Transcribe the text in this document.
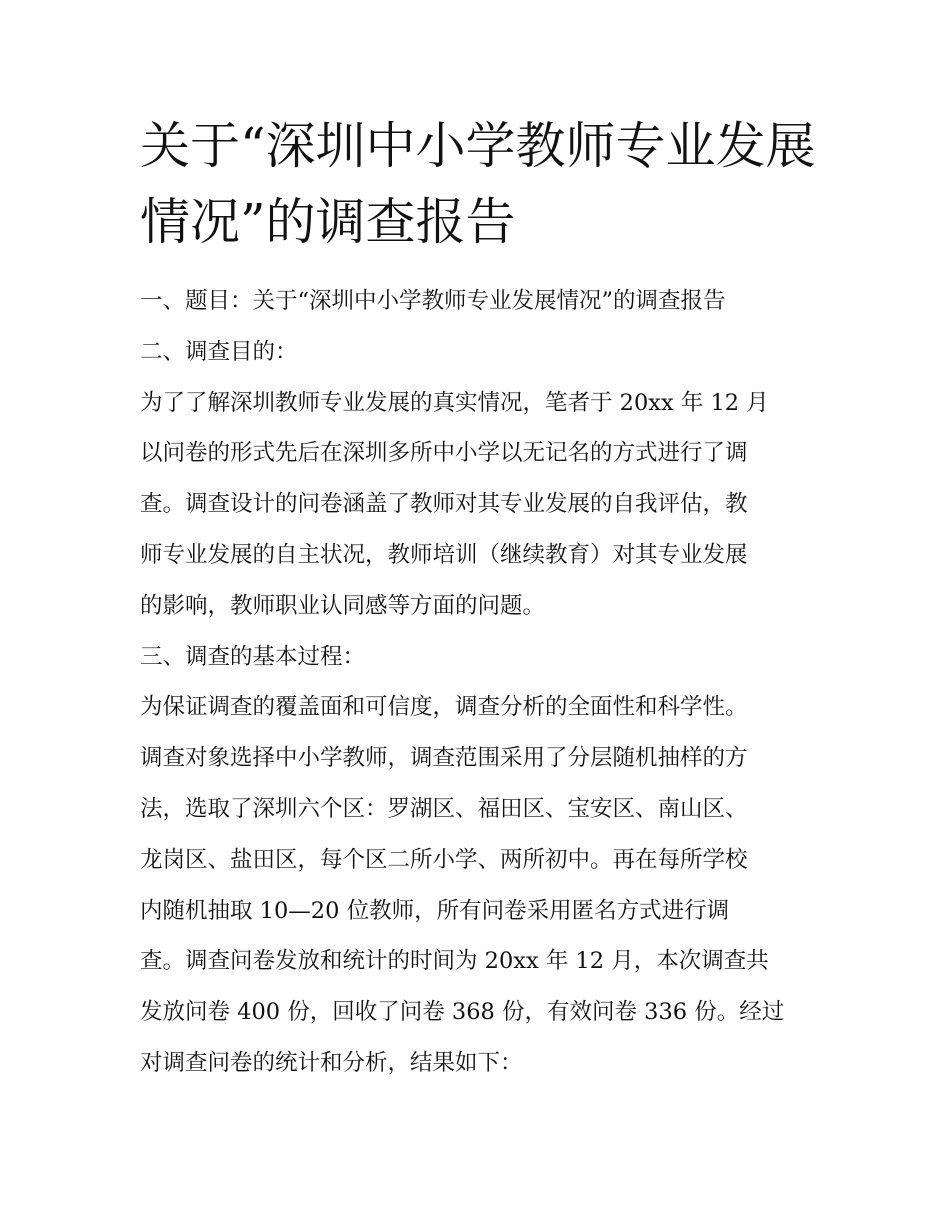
关于“深圳中小学教师专业发展
情况”的调查报告
一、题目：关于“深圳中小学教师专业发展情况”的调查报告
二、调查目的：
为了了解深圳教师专业发展的真实情况，笔者于 20xx 年 12 月
以问卷的形式先后在深圳多所中小学以无记名的方式进行了调
查。调查设计的问卷涵盖了教师对其专业发展的自我评估，教
师专业发展的自主状况，教师培训（继续教育）对其专业发展
的影响，教师职业认同感等方面的问题。
三、调查的基本过程：
为保证调查的覆盖面和可信度，调查分析的全面性和科学性。
调查对象选择中小学教师，调查范围采用了分层随机抽样的方
法，选取了深圳六个区：罗湖区、福田区、宝安区、南山区、
龙岗区、盐田区，每个区二所小学、两所初中。再在每所学校
内随机抽取 10—20 位教师，所有问卷采用匿名方式进行调
查。调查问卷发放和统计的时间为 20xx 年 12 月，本次调查共
发放问卷 400 份，回收了问卷 368 份，有效问卷 336 份。经过
对调查问卷的统计和分析，结果如下：
